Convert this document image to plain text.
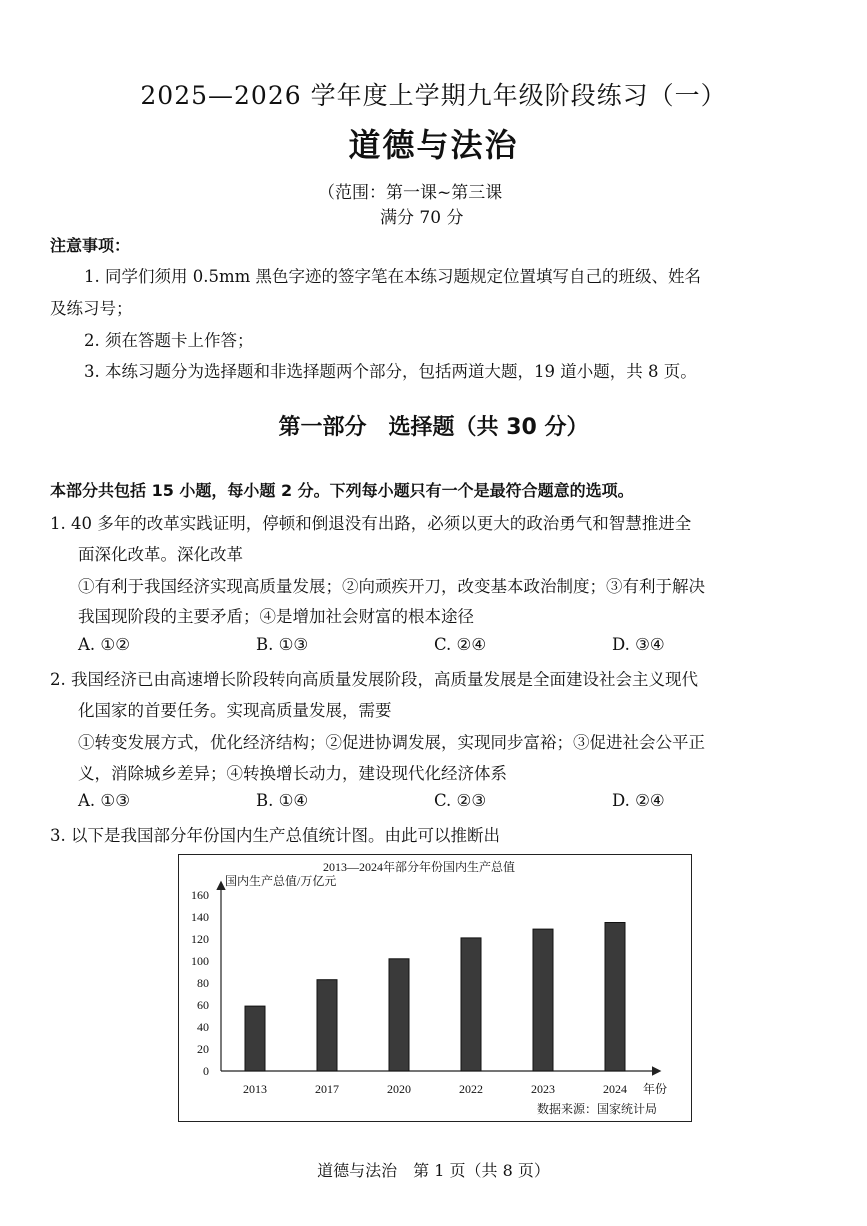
2025—2026 学年度上学期九年级阶段练习（一）
道德与法治
（范围：第一课~第三课
满分 70 分
注意事项：
1. 同学们须用 0.5mm 黑色字迹的签字笔在本练习题规定位置填写自己的班级、姓名
及练习号；
2. 须在答题卡上作答；
3. 本练习题分为选择题和非选择题两个部分，包括两道大题，19 道小题，共 8 页。
第一部分　选择题（共 30 分）
本部分共包括 15 小题，每小题 2 分。下列每小题只有一个是最符合题意的选项。
1. 40 多年的改革实践证明，停顿和倒退没有出路，必须以更大的政治勇气和智慧推进全
面深化改革。深化改革
①有利于我国经济实现高质量发展；②向顽疾开刀，改变基本政治制度；③有利于解决
我国现阶段的主要矛盾；④是增加社会财富的根本途径
A. ①②	B. ①③	C. ②④	D. ③④
2. 我国经济已由高速增长阶段转向高质量发展阶段，高质量发展是全面建设社会主义现代
化国家的首要任务。实现高质量发展，需要
①转变发展方式，优化经济结构；②促进协调发展，实现同步富裕；③促进社会公平正
义，消除城乡差异；④转换增长动力，建设现代化经济体系
A. ①③	B. ①④	C. ②③	D. ②④
3. 以下是我国部分年份国内生产总值统计图。由此可以推断出
2013—2024年部分年份国内生产总值
国内生产总值/万亿元
年份
数据来源：国家统计局
0
20
40
60
80
100
120
140
160
2013	2017	2020	2022	2023	2024
道德与法治　第 1 页（共 8 页）
